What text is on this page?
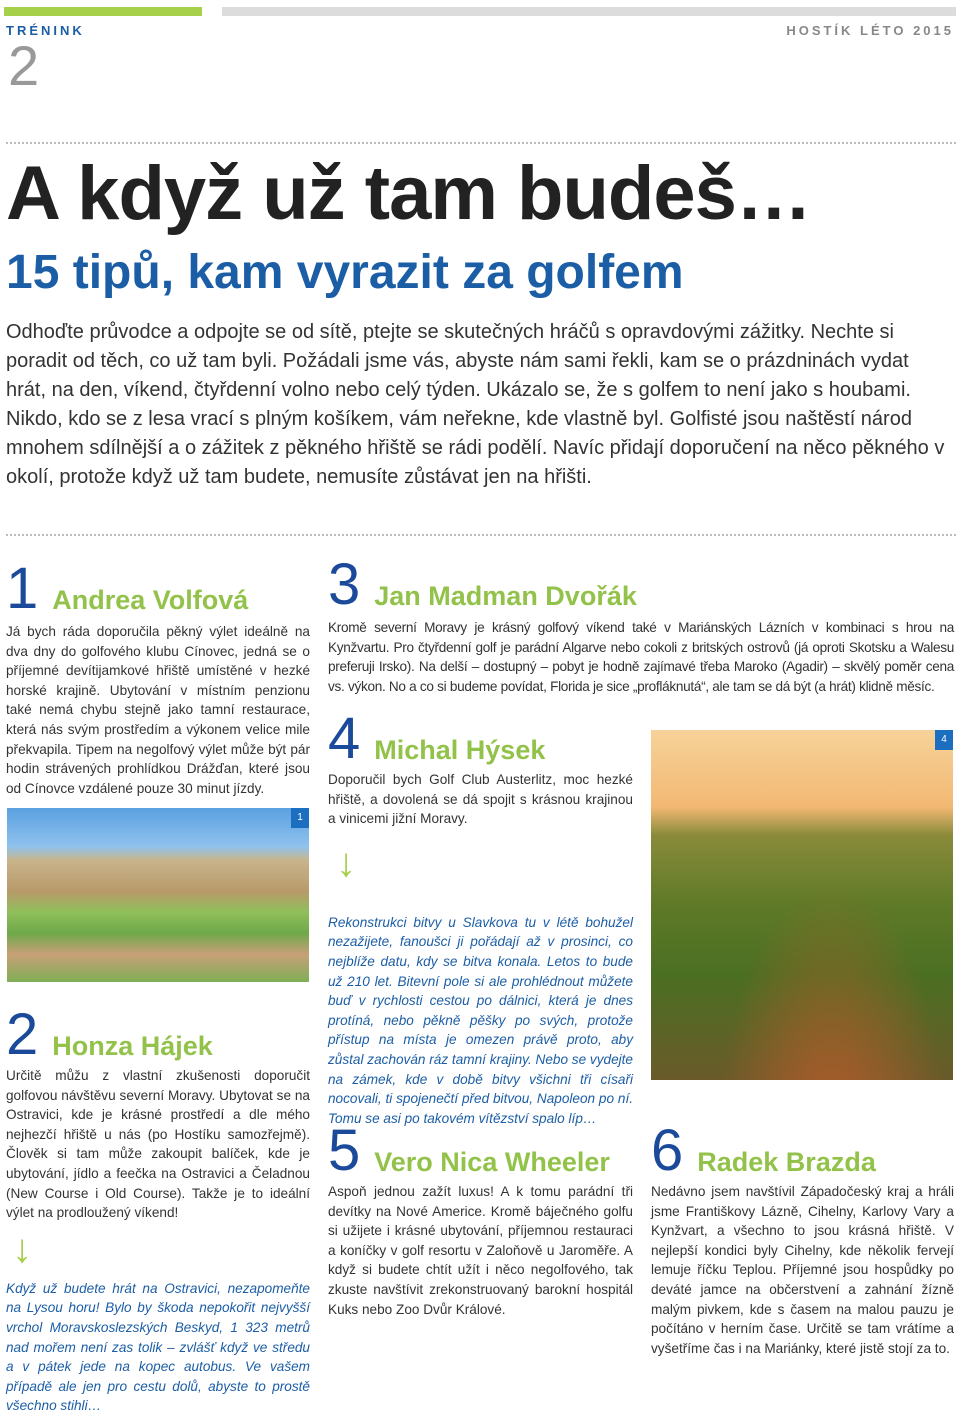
TRÉNINK	HOSTÍK LÉTO 2015
2
A když už tam budeš…
15 tipů, kam vyrazit za golfem

Odhoďte průvodce a odpojte se od sítě, ptejte se skutečných hráčů s opravdovými zážitky. Nechte si poradit od těch, co už tam byli. Požádali jsme vás, abyste nám sami řekli, kam se o prázdninách vydat hrát, na den, víkend, čtyřdenní volno nebo celý týden. Ukázalo se, že s golfem to není jako s houbami. Nikdo, kdo se z lesa vrací s plným košíkem, vám neřekne, kde vlastně byl. Golfisté jsou naštěstí národ mnohem sdílnější a o zážitek z pěkného hřiště se rádi podělí. Navíc přidají doporučení na něco pěkného v okolí, protože když už tam budete, nemusíte zůstávat jen na hřišti.

1 Andrea Volfová

Já bych ráda doporučila pěkný výlet ideálně na dva dny do golfového klubu Cínovec, jedná se o příjemné devítijamkové hřiště umístěné v hezké horské krajině. Ubytování v místním penzionu také nemá chybu stejně jako tamní restaurace, která nás svým prostředím a výkonem velice mile překvapila. Tipem na negolfový výlet může být pár hodin strávených prohlídkou Drážďan, které jsou od Cínovce vzdálené pouze 30 minut jízdy.

1
2 Honza Hájek

Určitě můžu z vlastní zkušenosti doporučit golfovou návštěvu severní Moravy. Ubytovat se na Ostravici, kde je krásné prostředí a dle mého nejhezčí hřiště u nás (po Hostíku samozřejmě). Člověk si tam může zakoupit balíček, kde je ubytování, jídlo a feečka na Ostravici a Čeladnou (New Course i Old Course). Takže je to ideální výlet na prodloužený víkend!

↓

Když už budete hrát na Ostravici, nezapomeňte na Lysou horu! Bylo by škoda nepokořit nejvyšší vrchol Moravskoslezských Beskyd, 1 323 metrů nad mořem není zas tolik – zvlášť když ve středu a v pátek jede na kopec autobus. Ve vašem případě ale jen pro cestu dolů, abyste to prostě všechno stihli…

3 Jan Madman Dvořák

Kromě severní Moravy je krásný golfový víkend také v Mariánských Lázních v kombinaci s hrou na Kynžvartu. Pro čtyřdenní golf je parádní Algarve nebo cokoli z britských ostrovů (já oproti Skotsku a Walesu preferuji Irsko). Na delší – dostupný – pobyt je hodně zajímavé třeba Maroko (Agadir) – skvělý poměr cena vs. výkon. No a co si budeme povídat, Florida je sice „profláknutá“, ale tam se dá být (a hrát) klidně měsíc.

4 Michal Hýsek

Doporučil bych Golf Club Austerlitz, moc hezké hřiště, a dovolená se dá spojit s krásnou krajinou a vinicemi jižní Moravy.

↓

Rekonstrukci bitvy u Slavkova tu v létě bohužel nezažijete, fanoušci ji pořádají až v prosinci, co nejblíže datu, kdy se bitva konala. Letos to bude už 210 let. Bitevní pole si ale prohlédnout můžete buď v rychlosti cestou po dálnici, která je dnes protíná, nebo pěkně pěšky po svých, protože přístup na místa je omezen právě proto, aby zůstal zachován ráz tamní krajiny. Nebo se vydejte na zámek, kde v době bitvy všichni tři císaři nocovali, ti spojenečtí před bitvou, Napoleon po ní. Tomu se asi po takovém vítězství spalo líp…

4
5 Vero Nica Wheeler

Aspoň jednou zažít luxus! A k tomu parádní tři devítky na Nové Americe. Kromě báječného golfu si užijete i krásné ubytování, příjemnou restauraci a koníčky v golf resortu v Zaloňově u Jaroměře. A když si budete chtít užít i něco negolfového, tak zkuste navštívit zrekonstruovaný barokní hospitál Kuks nebo Zoo Dvůr Králové.

6 Radek Brazda

Nedávno jsem navštívil Západočeský kraj a hráli jsme Františkovy Lázně, Cihelny, Karlovy Vary a Kynžvart, a všechno to jsou krásná hřiště. V nejlepší kondici byly Cihelny, kde několik fervejí lemuje říčku Teplou. Příjemné jsou hospůdky po deváté jamce na občerstvení a zahnání žízně malým pivkem, kde s časem na malou pauzu je počítáno v herním čase. Určitě se tam vrátíme a vyšetříme čas i na Mariánky, které jistě stojí za to.
